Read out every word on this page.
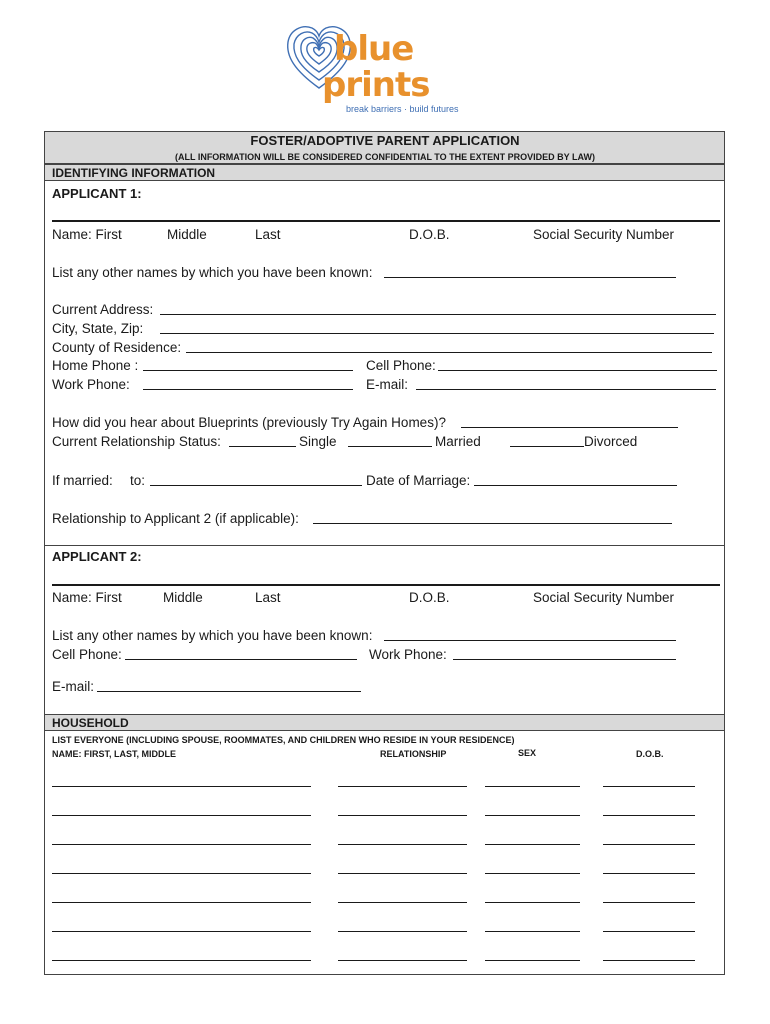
blue
prints
break barriers · build futures
FOSTER/ADOPTIVE PARENT APPLICATION
(ALL INFORMATION WILL BE CONSIDERED CONFIDENTIAL TO THE EXTENT PROVIDED BY LAW)
IDENTIFYING INFORMATION
APPLICANT 1:
Name: First	Middle	Last	D.O.B.	Social Security Number
List any other names by which you have been known:
Current Address:
City, State, Zip:
County of Residence:
Home Phone :	Cell Phone:
Work Phone:	E-mail:
How did you hear about Blueprints (previously Try Again Homes)?
Current Relationship Status:	Single	Married	Divorced
If married: to:	Date of Marriage:
Relationship to Applicant 2 (if applicable):
APPLICANT 2:
Name: First	Middle	Last	D.O.B.	Social Security Number
List any other names by which you have been known:
Cell Phone:	Work Phone:
E-mail:
HOUSEHOLD
LIST EVERYONE (INCLUDING SPOUSE, ROOMMATES, AND CHILDREN WHO RESIDE IN YOUR RESIDENCE)
NAME: FIRST, LAST, MIDDLE	RELATIONSHIP	SEX	D.O.B.
